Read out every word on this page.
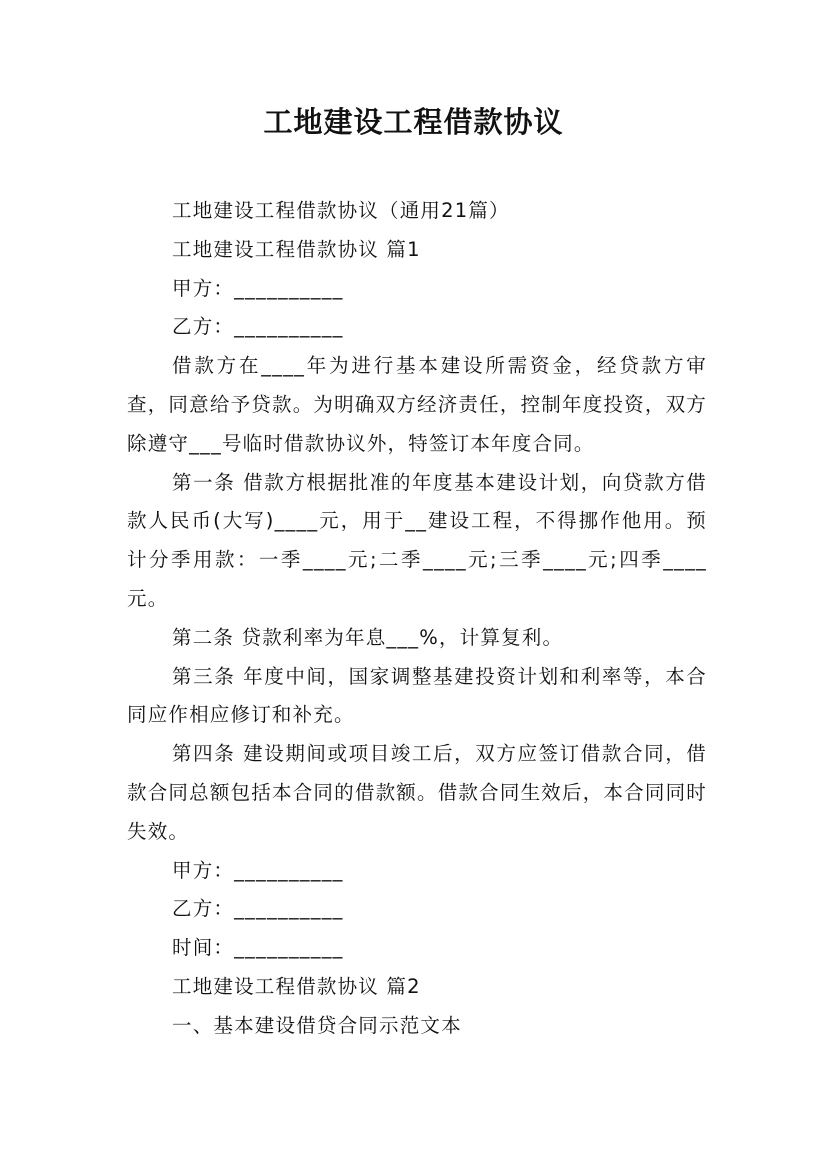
工地建设工程借款协议

工地建设工程借款协议（通用21篇）

工地建设工程借款协议 篇1

甲方：__________

乙方：__________

借款方在____年为进行基本建设所需资金，经贷款方审查，同意给予贷款。为明确双方经济责任，控制年度投资，双方除遵守___号临时借款协议外，特签订本年度合同。

第一条 借款方根据批准的年度基本建设计划，向贷款方借款人民币(大写)____元，用于__建设工程，不得挪作他用。预计分季用款：一季____元;二季____元;三季____元;四季____元。

第二条 贷款利率为年息___%，计算复利。

第三条 年度中间，国家调整基建投资计划和利率等，本合同应作相应修订和补充。

第四条 建设期间或项目竣工后，双方应签订借款合同，借款合同总额包括本合同的借款额。借款合同生效后，本合同同时失效。

甲方：__________

乙方：__________

时间：__________

工地建设工程借款协议 篇2

一、基本建设借贷合同示范文本
